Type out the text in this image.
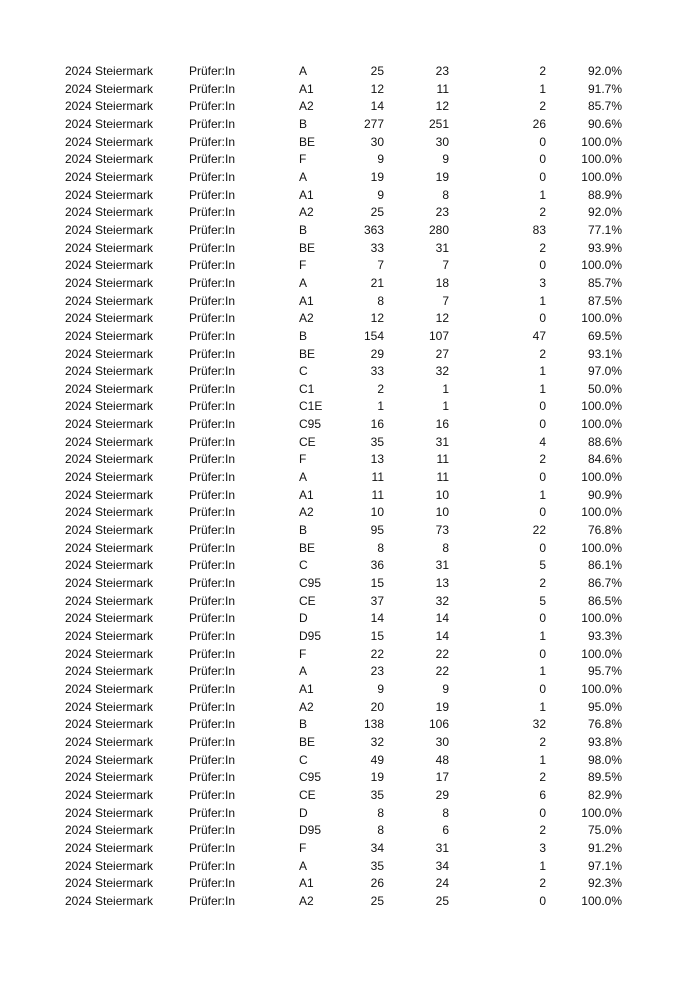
2024 Steiermark	Prüfer:In	A	25	23	2	92.0%
2024 Steiermark	Prüfer:In	A1	12	11	1	91.7%
2024 Steiermark	Prüfer:In	A2	14	12	2	85.7%
2024 Steiermark	Prüfer:In	B	277	251	26	90.6%
2024 Steiermark	Prüfer:In	BE	30	30	0	100.0%
2024 Steiermark	Prüfer:In	F	9	9	0	100.0%
2024 Steiermark	Prüfer:In	A	19	19	0	100.0%
2024 Steiermark	Prüfer:In	A1	9	8	1	88.9%
2024 Steiermark	Prüfer:In	A2	25	23	2	92.0%
2024 Steiermark	Prüfer:In	B	363	280	83	77.1%
2024 Steiermark	Prüfer:In	BE	33	31	2	93.9%
2024 Steiermark	Prüfer:In	F	7	7	0	100.0%
2024 Steiermark	Prüfer:In	A	21	18	3	85.7%
2024 Steiermark	Prüfer:In	A1	8	7	1	87.5%
2024 Steiermark	Prüfer:In	A2	12	12	0	100.0%
2024 Steiermark	Prüfer:In	B	154	107	47	69.5%
2024 Steiermark	Prüfer:In	BE	29	27	2	93.1%
2024 Steiermark	Prüfer:In	C	33	32	1	97.0%
2024 Steiermark	Prüfer:In	C1	2	1	1	50.0%
2024 Steiermark	Prüfer:In	C1E	1	1	0	100.0%
2024 Steiermark	Prüfer:In	C95	16	16	0	100.0%
2024 Steiermark	Prüfer:In	CE	35	31	4	88.6%
2024 Steiermark	Prüfer:In	F	13	11	2	84.6%
2024 Steiermark	Prüfer:In	A	11	11	0	100.0%
2024 Steiermark	Prüfer:In	A1	11	10	1	90.9%
2024 Steiermark	Prüfer:In	A2	10	10	0	100.0%
2024 Steiermark	Prüfer:In	B	95	73	22	76.8%
2024 Steiermark	Prüfer:In	BE	8	8	0	100.0%
2024 Steiermark	Prüfer:In	C	36	31	5	86.1%
2024 Steiermark	Prüfer:In	C95	15	13	2	86.7%
2024 Steiermark	Prüfer:In	CE	37	32	5	86.5%
2024 Steiermark	Prüfer:In	D	14	14	0	100.0%
2024 Steiermark	Prüfer:In	D95	15	14	1	93.3%
2024 Steiermark	Prüfer:In	F	22	22	0	100.0%
2024 Steiermark	Prüfer:In	A	23	22	1	95.7%
2024 Steiermark	Prüfer:In	A1	9	9	0	100.0%
2024 Steiermark	Prüfer:In	A2	20	19	1	95.0%
2024 Steiermark	Prüfer:In	B	138	106	32	76.8%
2024 Steiermark	Prüfer:In	BE	32	30	2	93.8%
2024 Steiermark	Prüfer:In	C	49	48	1	98.0%
2024 Steiermark	Prüfer:In	C95	19	17	2	89.5%
2024 Steiermark	Prüfer:In	CE	35	29	6	82.9%
2024 Steiermark	Prüfer:In	D	8	8	0	100.0%
2024 Steiermark	Prüfer:In	D95	8	6	2	75.0%
2024 Steiermark	Prüfer:In	F	34	31	3	91.2%
2024 Steiermark	Prüfer:In	A	35	34	1	97.1%
2024 Steiermark	Prüfer:In	A1	26	24	2	92.3%
2024 Steiermark	Prüfer:In	A2	25	25	0	100.0%
